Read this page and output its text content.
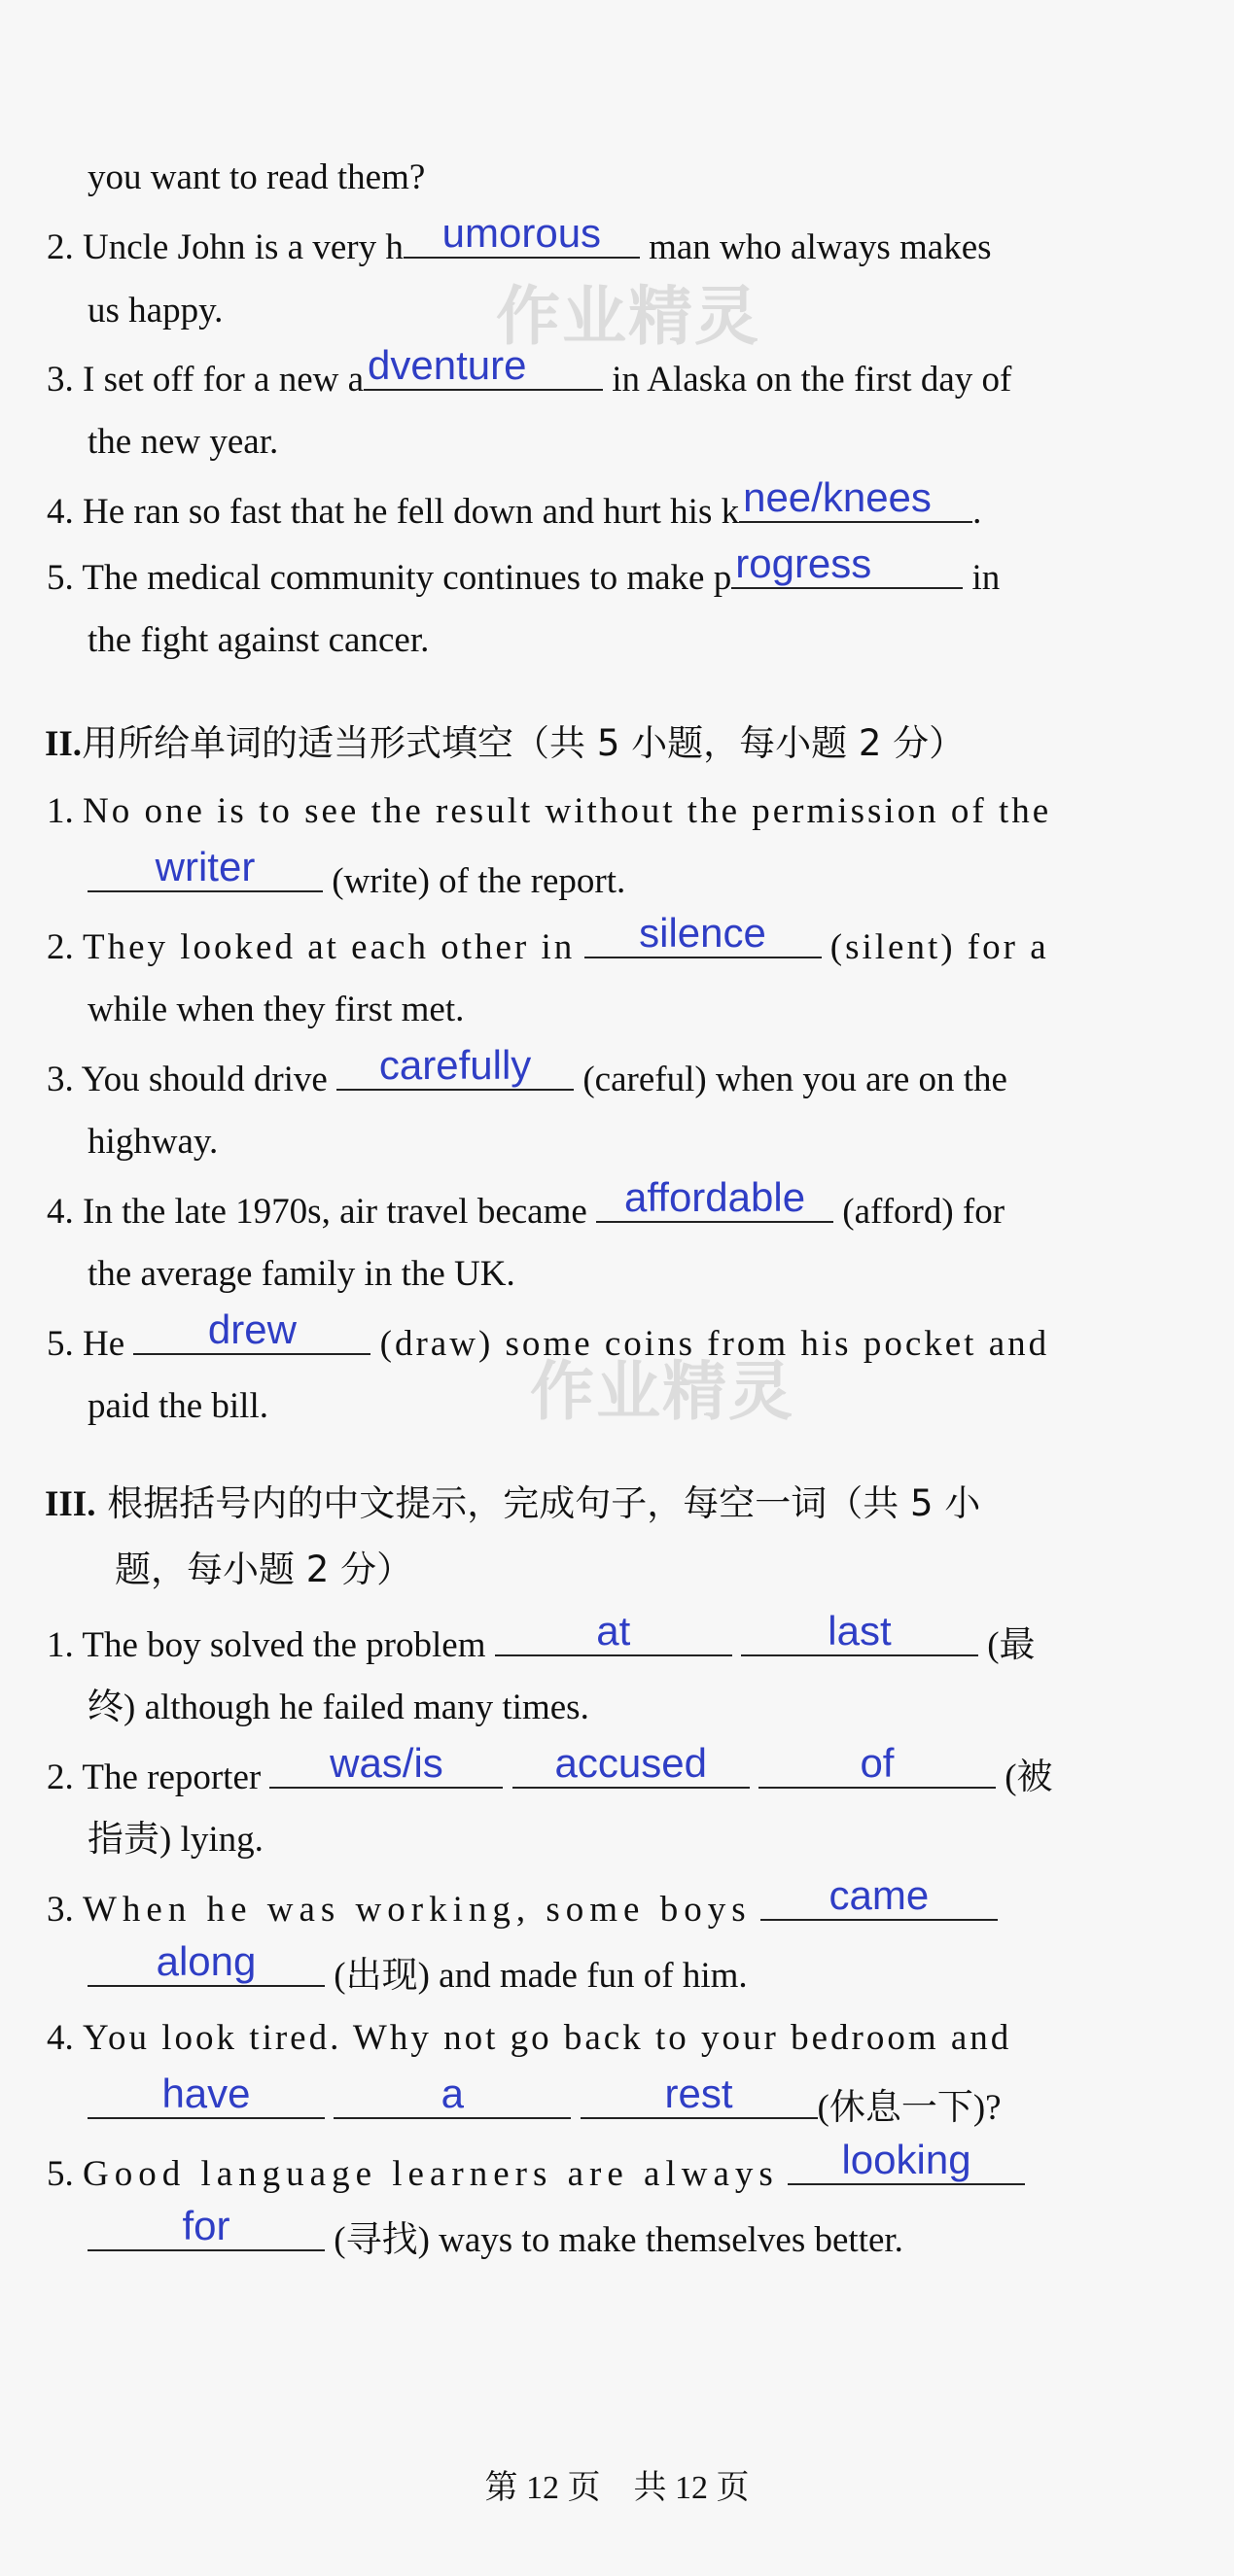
you want to read them?
2. Uncle John is a very h umorous	man who always makes
us happy.
3. I set off for a new a dventure	in Alaska on the first day of
the new year.
4. He ran so fast that he fell down and hurt his k nee/knees	.
5. The medical community continues to make p rogress	in
the fight against cancer.
作业精灵
II.用所给单词的适当形式填空（共 5 小题，每小题 2 分）
1. No one is to see the result without the permission of the
writer	(write) of the report.
2. They looked at each other in	silence	(silent) for a
while when they first met.
3. You should drive	carefully	(careful) when you are on the
highway.
4. In the late 1970s, air travel became affordable	(afford) for
the average family in the UK.
5. He	drew	(draw) some coins from his pocket and
paid the bill.	作业精灵
III. 根据括号内的中文提示，完成句子，每空一词（共 5 小
题，每小题 2 分）
1. The boy solved the problem	at
	last	(最
终) although he failed many times.
2. The reporter	was/is
	accused
	of	(被
指责) lying.
3. When he was working, some boys	came
along	(出现) and made fun of him.
4. You look tired. Why not go back to your bedroom and
have
	a
	rest	(休息一下)?
5. Good language learners are always	looking
for	(寻找) ways to make themselves better.
第 12 页　共 12 页
